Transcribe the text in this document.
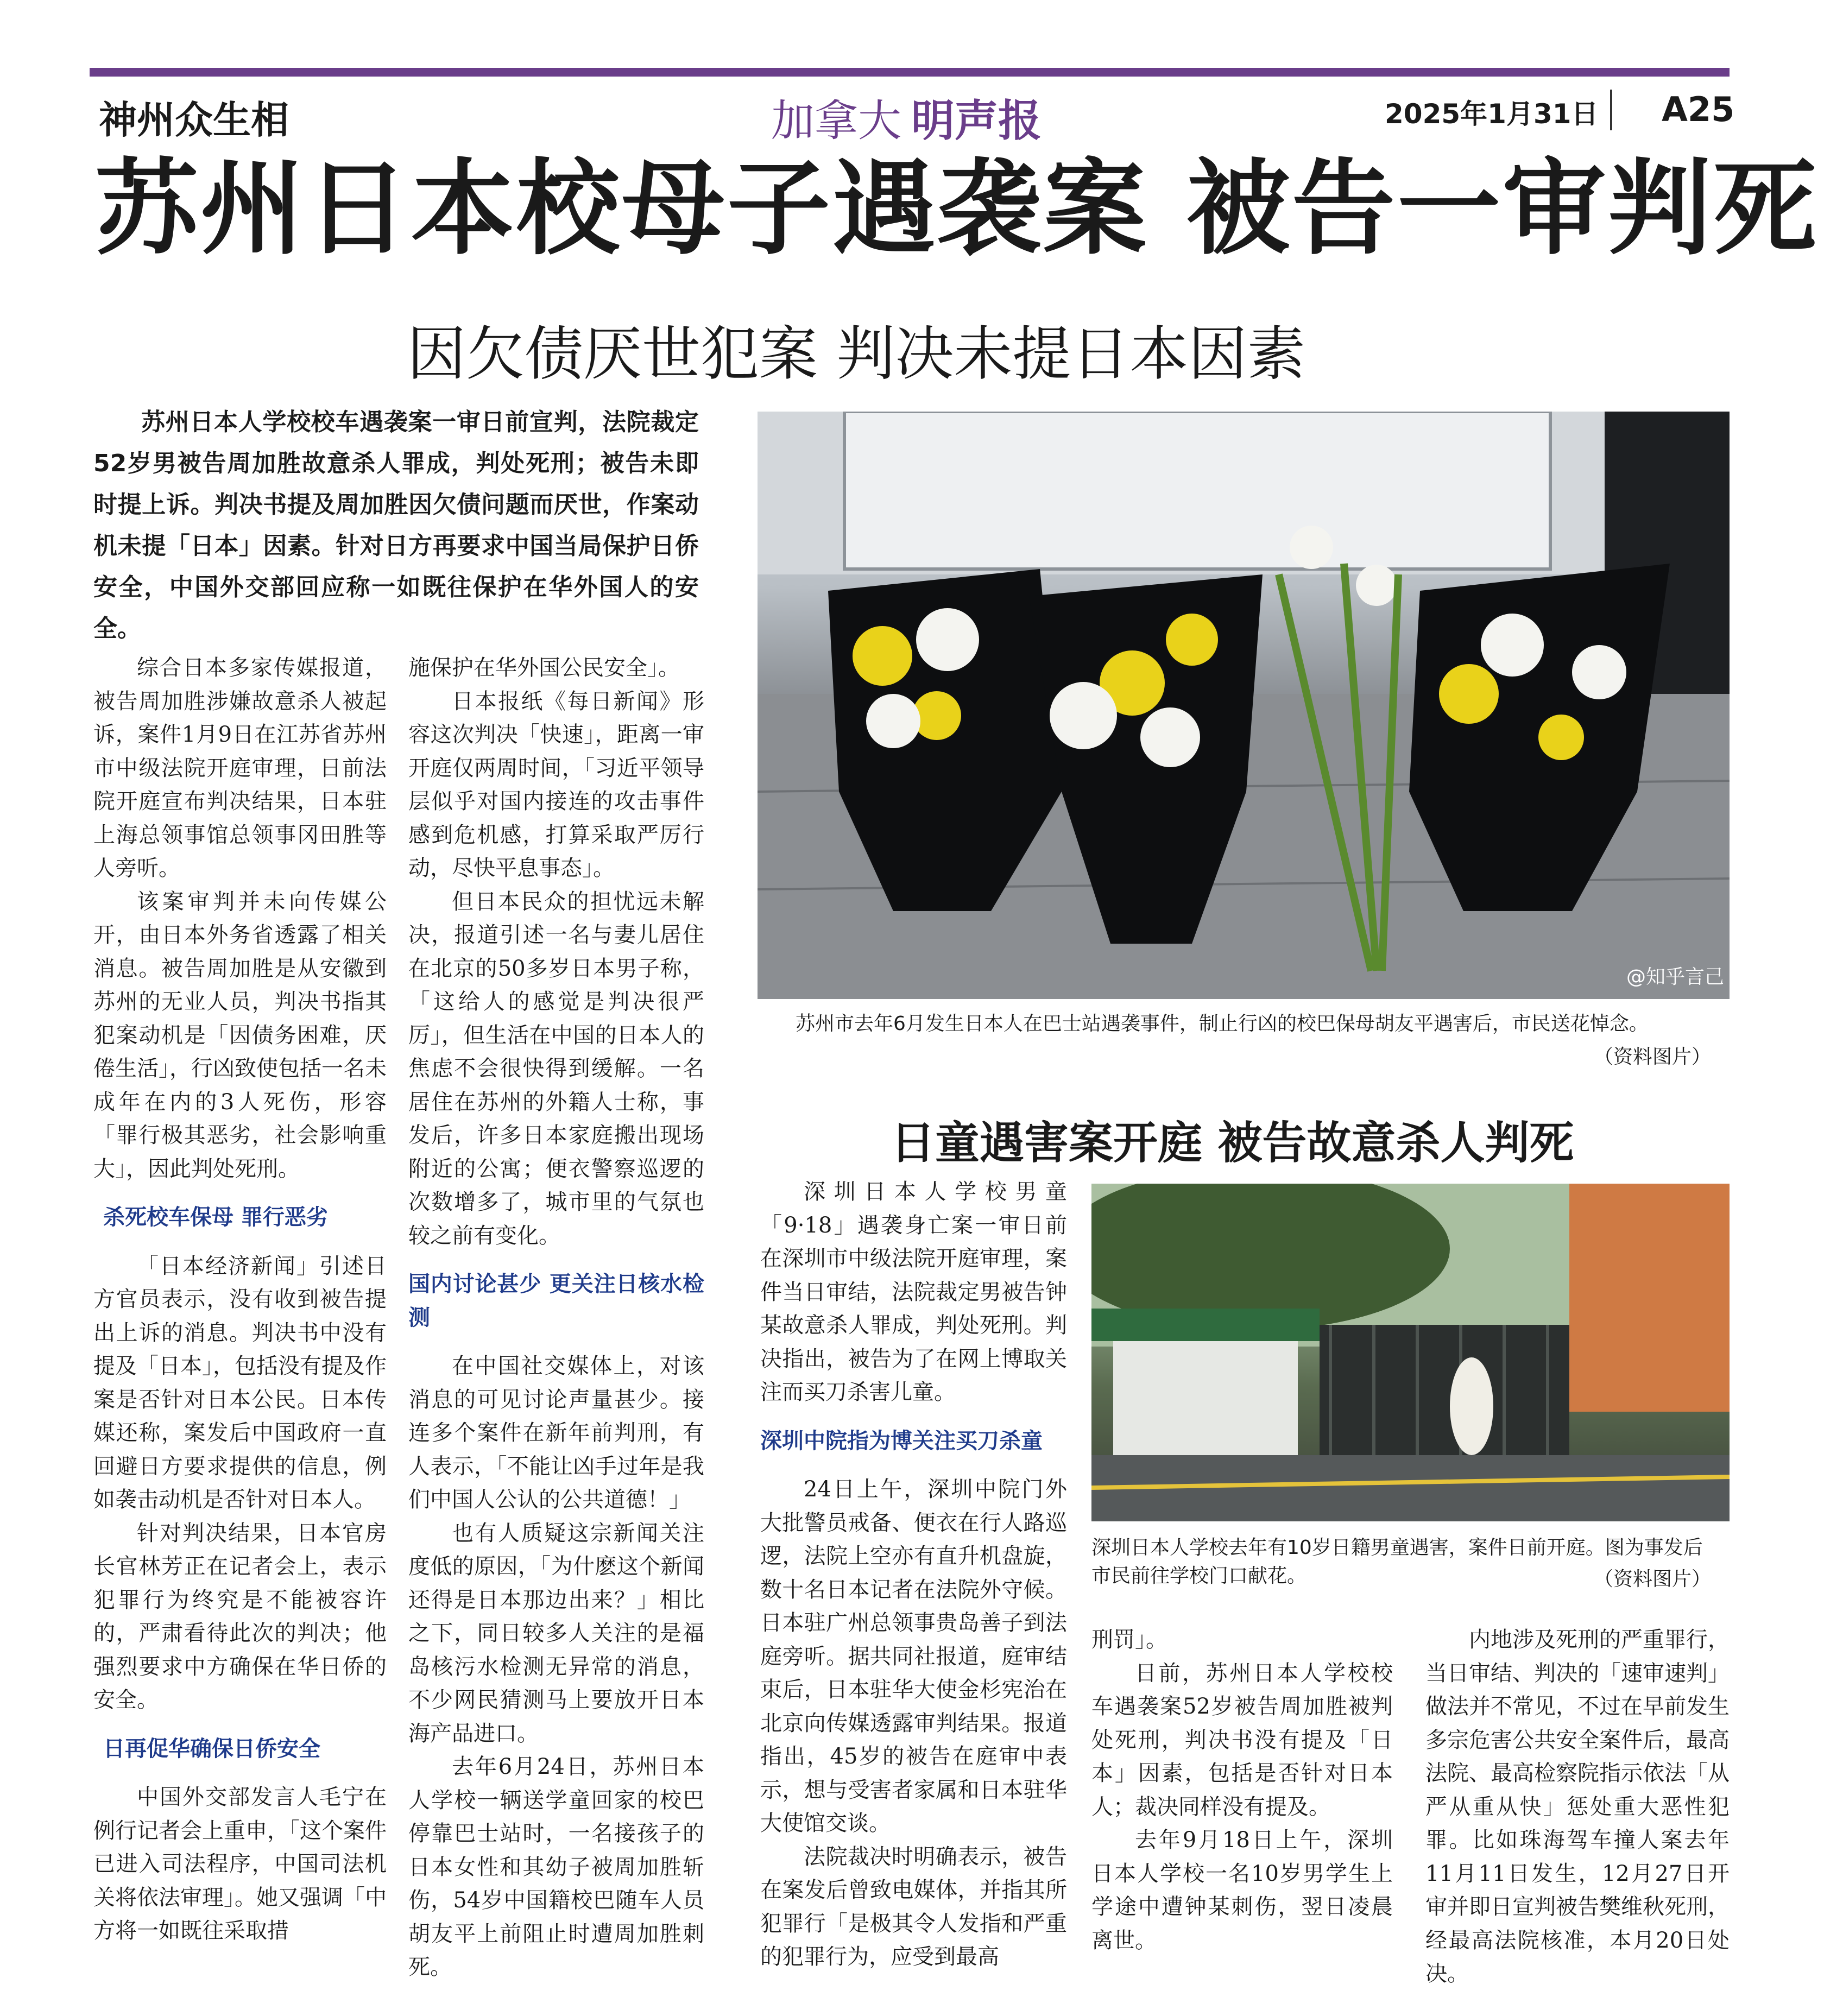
神州众生相	加拿大 明声报	2025年1月31日 A25
苏州日本校母子遇袭案 被告一审判死
因欠债厌世犯案 判决未提日本因素
苏州日本人学校校车遇袭案一审日前宣判，法院裁定52岁男被告周加胜故意杀人罪成，判处死刑；被告未即时提上诉。判决书提及周加胜因欠债问题而厌世，作案动机未提「日本」因素。针对日方再要求中国当局保护日侨安全，中国外交部回应称一如既往保护在华外国人的安全。

综合日本多家传媒报道，被告周加胜涉嫌故意杀人被起诉，案件1月9日在江苏省苏州市中级法院开庭审理，日前法院开庭宣布判决结果，日本驻上海总领事馆总领事冈田胜等人旁听。

该案审判并未向传媒公开，由日本外务省透露了相关消息。被告周加胜是从安徽到苏州的无业人员，判决书指其犯案动机是「因债务困难，厌倦生活」，行凶致使包括一名未成年在内的3人死伤，形容「罪行极其恶劣，社会影响重大」，因此判处死刑。

杀死校车保母 罪行恶劣

「日本经济新闻」引述日方官员表示，没有收到被告提出上诉的消息。判决书中没有提及「日本」，包括没有提及作案是否针对日本公民。日本传媒还称，案发后中国政府一直回避日方要求提供的信息，例如袭击动机是否针对日本人。

针对判决结果，日本官房长官林芳正在记者会上，表示犯罪行为终究是不能被容许的，严肃看待此次的判决；他强烈要求中方确保在华日侨的安全。

日再促华确保日侨安全

中国外交部发言人毛宁在例行记者会上重申，「这个案件已进入司法程序，中国司法机关将依法审理」。她又强调「中方将一如既往采取措

施保护在华外国公民安全」。

日本报纸《每日新闻》形容这次判决「快速」，距离一审开庭仅两周时间，「习近平领导层似乎对国内接连的攻击事件感到危机感，打算采取严厉行动，尽快平息事态」。

但日本民众的担忧远未解决，报道引述一名与妻儿居住在北京的50多岁日本男子称，「这给人的感觉是判决很严厉」，但生活在中国的日本人的焦虑不会很快得到缓解。一名居住在苏州的外籍人士称，事发后，许多日本家庭搬出现场附近的公寓；便衣警察巡逻的次数增多了，城市里的气氛也较之前有变化。

国内讨论甚少 更关注日核水检测

在中国社交媒体上，对该消息的可见讨论声量甚少。接连多个案件在新年前判刑，有人表示，「不能让凶手过年是我们中国人公认的公共道德！」

也有人质疑这宗新闻关注度低的原因，「为什麽这个新闻还得是日本那边出来？」相比之下，同日较多人关注的是福岛核污水检测无异常的消息，不少网民猜测马上要放开日本海产品进口。

去年6月24日，苏州日本人学校一辆送学童回家的校巴停靠巴士站时，一名接孩子的日本女性和其幼子被周加胜斩伤，54岁中国籍校巴随车人员胡友平上前阻止时遭周加胜刺死。

@知乎言己
苏州市去年6月发生日本人在巴士站遇袭事件，制止行凶的校巴保母胡友平遇害后，市民送花悼念。
（资料图片）
日童遇害案开庭 被告故意杀人判死

深圳日本人学校男童「9·18」遇袭身亡案一审日前在深圳市中级法院开庭审理，案件当日审结，法院裁定男被告钟某故意杀人罪成，判处死刑。判决指出，被告为了在网上博取关注而买刀杀害儿童。

深圳中院指为博关注买刀杀童

24日上午，深圳中院门外大批警员戒备、便衣在行人路巡逻，法院上空亦有直升机盘旋，数十名日本记者在法院外守候。日本驻广州总领事贵岛善子到法庭旁听。据共同社报道，庭审结束后，日本驻华大使金杉宪治在北京向传媒透露审判结果。报道指出，45岁的被告在庭审中表示，想与受害者家属和日本驻华大使馆交谈。

法院裁决时明确表示，被告在案发后曾致电媒体，并指其所犯罪行「是极其令人发指和严重的犯罪行为，应受到最高

深圳日本人学校去年有10岁日籍男童遇害，案件日前开庭。图为事发后市民前往学校门口献花。	（资料图片）

刑罚」。

日前，苏州日本人学校校车遇袭案52岁被告周加胜被判处死刑，判决书没有提及「日本」因素，包括是否针对日本人；裁决同样没有提及。

去年9月18日上午，深圳日本人学校一名10岁男学生上学途中遭钟某刺伤，翌日凌晨离世。

内地涉及死刑的严重罪行，当日审结、判决的「速审速判」做法并不常见，不过在早前发生多宗危害公共安全案件后，最高法院、最高检察院指示依法「从严从重从快」惩处重大恶性犯罪。比如珠海驾车撞人案去年11月11日发生，12月27日开审并即日宣判被告樊维秋死刑，经最高法院核准，本月20日处决。
